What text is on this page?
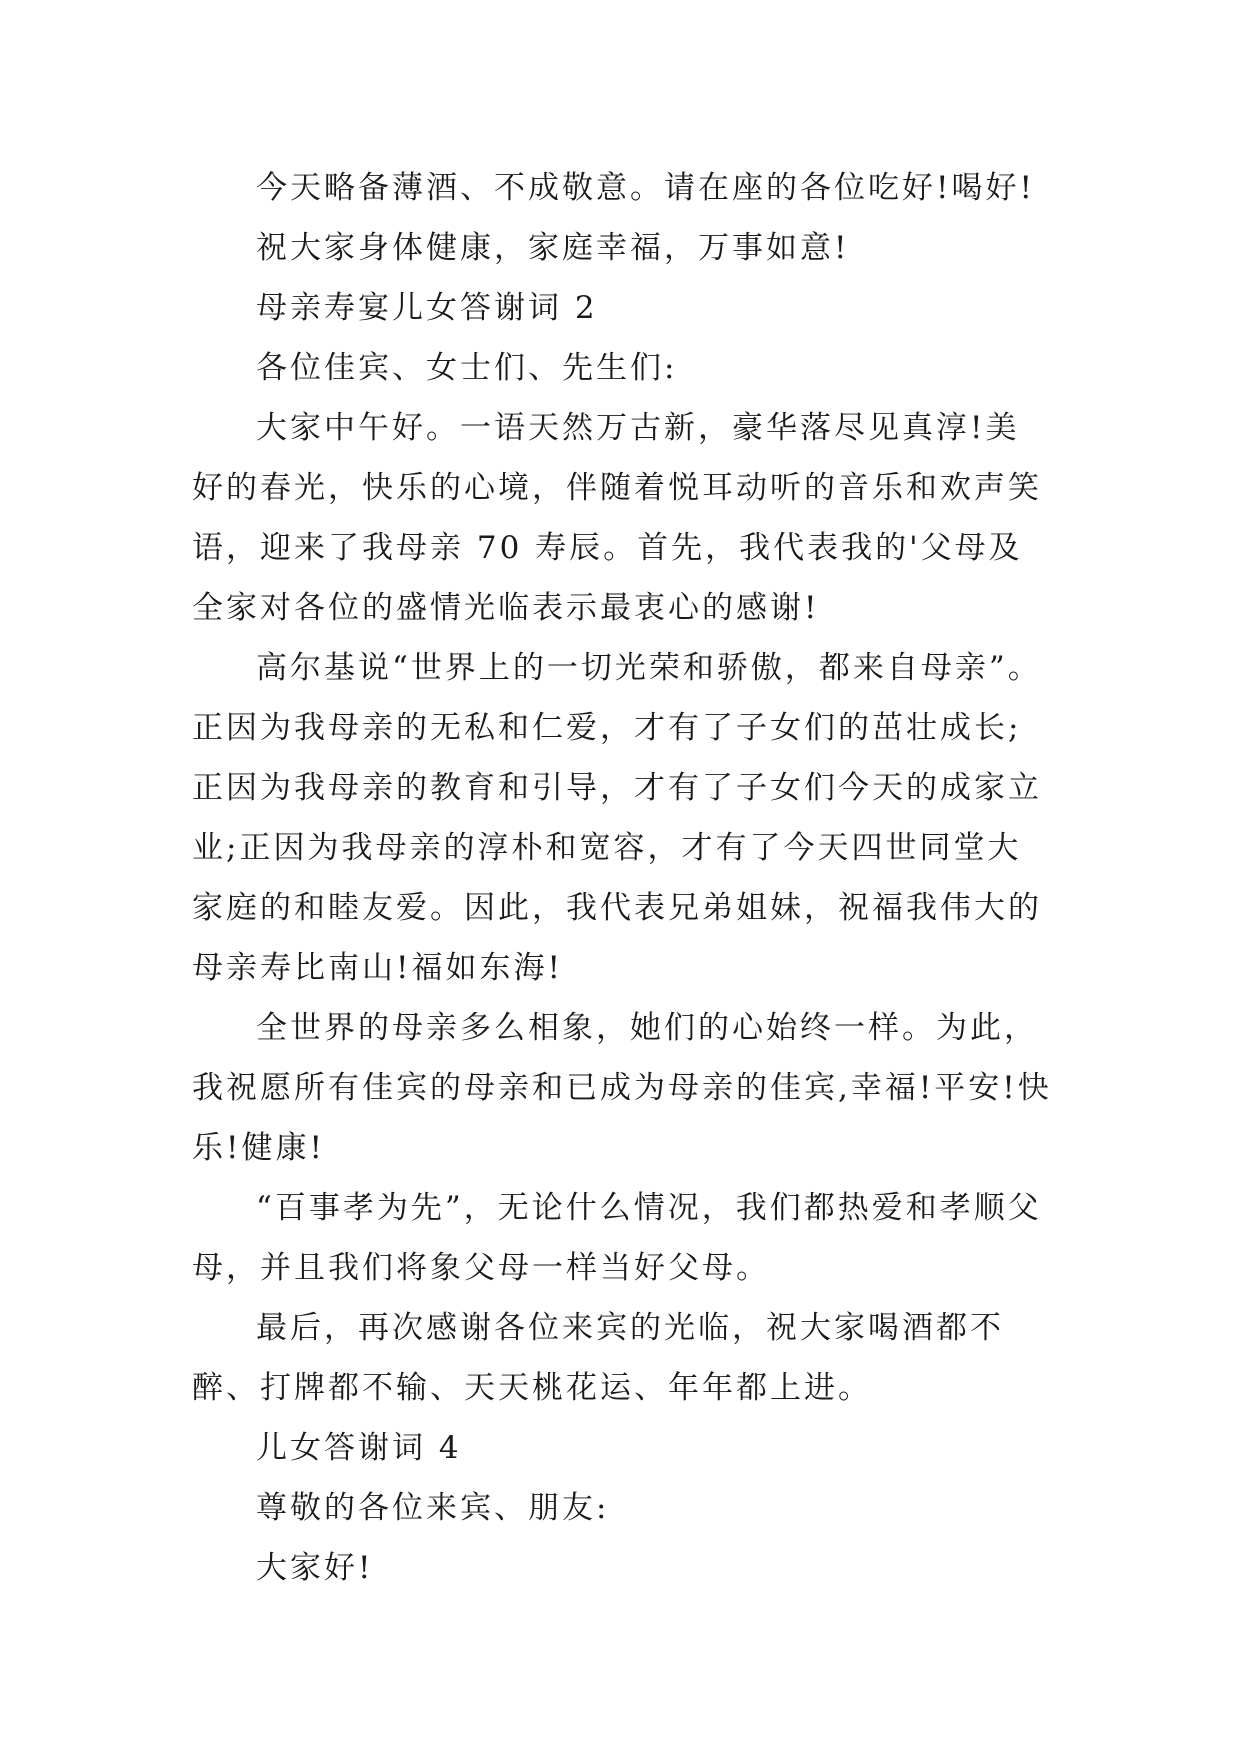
今天略备薄酒、不成敬意。请在座的各位吃好!喝好!

祝大家身体健康，家庭幸福，万事如意!

母亲寿宴儿女答谢词 2

各位佳宾、女士们、先生们:

大家中午好。一语天然万古新，豪华落尽见真淳!美好的春光，快乐的心境，伴随着悦耳动听的音乐和欢声笑语，迎来了我母亲 70 寿辰。首先，我代表我的'父母及全家对各位的盛情光临表示最衷心的感谢!

高尔基说“世界上的一切光荣和骄傲，都来自母亲”。正因为我母亲的无私和仁爱，才有了子女们的茁壮成长;正因为我母亲的教育和引导，才有了子女们今天的成家立业;正因为我母亲的淳朴和宽容，才有了今天四世同堂大家庭的和睦友爱。因此，我代表兄弟姐妹，祝福我伟大的母亲寿比南山!福如东海!

全世界的母亲多么相象，她们的心始终一样。为此，我祝愿所有佳宾的母亲和已成为母亲的佳宾,幸福!平安!快乐!健康!

“百事孝为先”，无论什么情况，我们都热爱和孝顺父母，并且我们将象父母一样当好父母。

最后，再次感谢各位来宾的光临，祝大家喝酒都不醉、打牌都不输、天天桃花运、年年都上进。

儿女答谢词 4

尊敬的各位来宾、朋友:

大家好!
